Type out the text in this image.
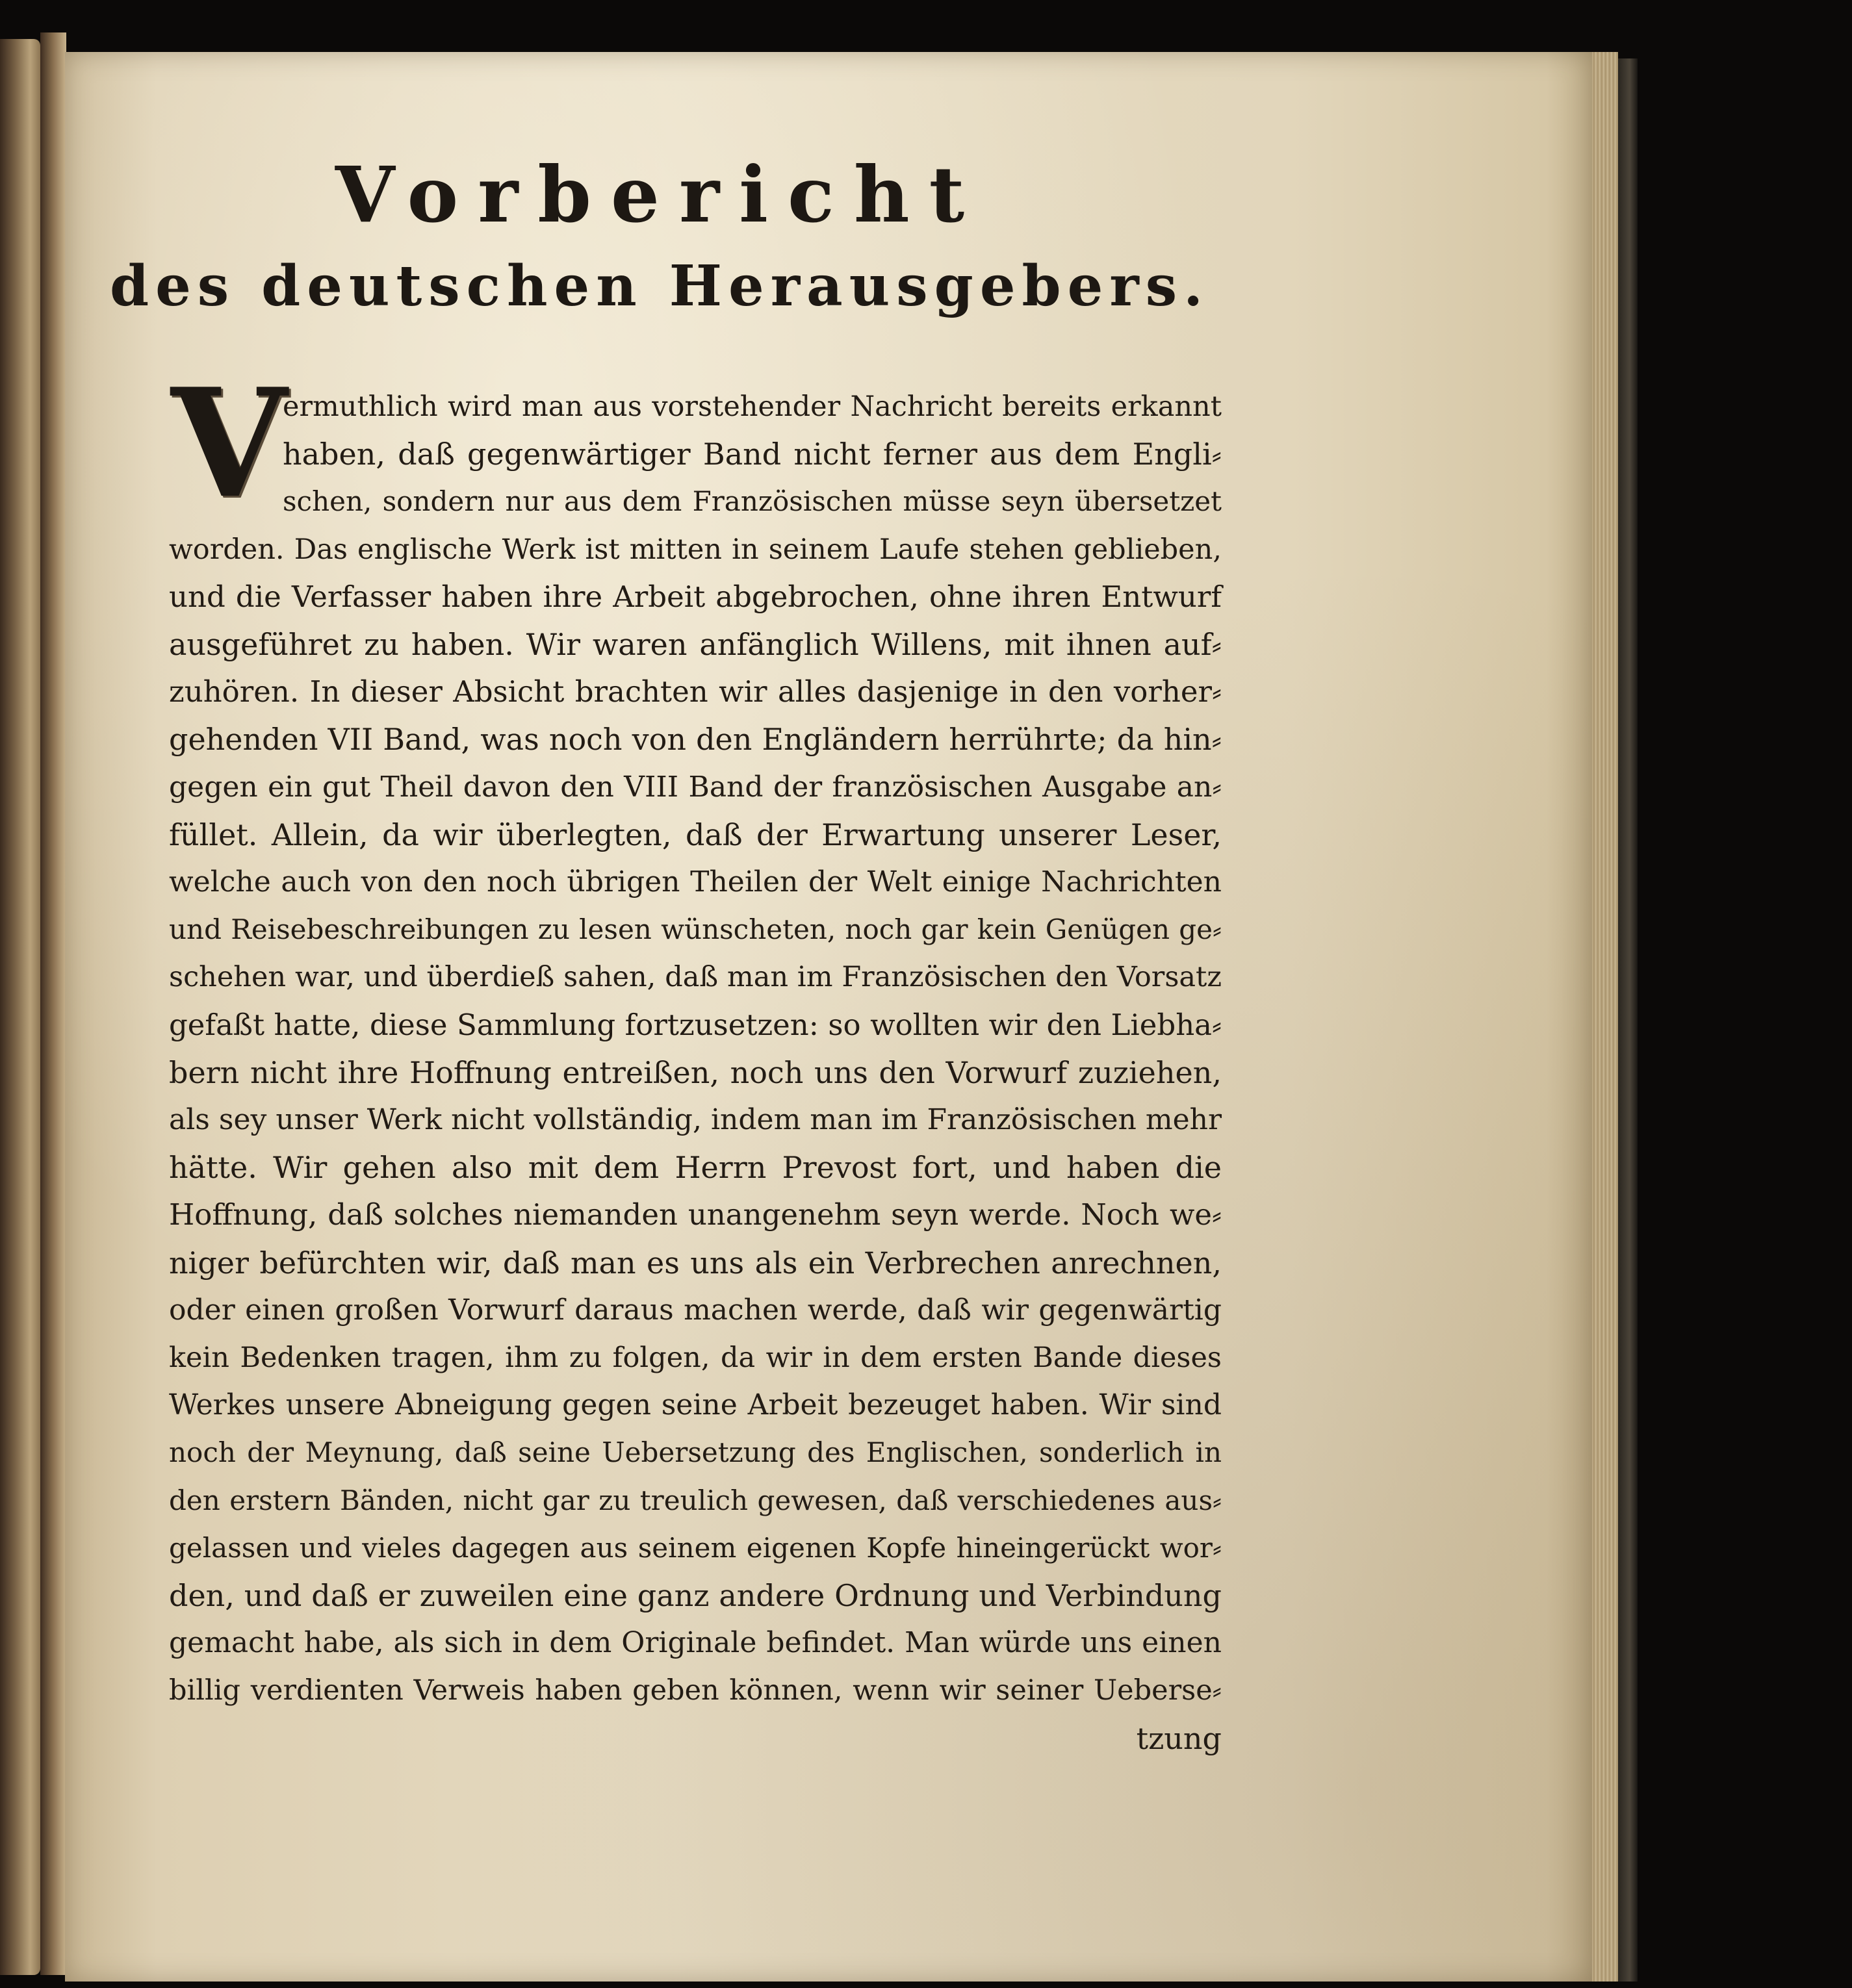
Vorbericht
des deutschen Herausgebers.
V
ermuthlich wird man aus vorstehender Nachricht bereits erkannt
haben, daß gegenwärtiger Band nicht ferner aus dem Engli⸗
schen, sondern nur aus dem Französischen müsse seyn übersetzet
worden. Das englische Werk ist mitten in seinem Laufe stehen geblieben,
und die Verfasser haben ihre Arbeit abgebrochen, ohne ihren Entwurf
ausgeführet zu haben. Wir waren anfänglich Willens, mit ihnen auf⸗
zuhören. In dieser Absicht brachten wir alles dasjenige in den vorher⸗
gehenden VII Band, was noch von den Engländern herrührte; da hin⸗
gegen ein gut Theil davon den VIII Band der französischen Ausgabe an⸗
füllet. Allein, da wir überlegten, daß der Erwartung unserer Leser,
welche auch von den noch übrigen Theilen der Welt einige Nachrichten
und Reisebeschreibungen zu lesen wünscheten, noch gar kein Genügen ge⸗
schehen war, und überdieß sahen, daß man im Französischen den Vorsatz
gefaßt hatte, diese Sammlung fortzusetzen: so wollten wir den Liebha⸗
bern nicht ihre Hoffnung entreißen, noch uns den Vorwurf zuziehen,
als sey unser Werk nicht vollständig, indem man im Französischen mehr
hätte. Wir gehen also mit dem Herrn Prevost fort, und haben die
Hoffnung, daß solches niemanden unangenehm seyn werde. Noch we⸗
niger befürchten wir, daß man es uns als ein Verbrechen anrechnen,
oder einen großen Vorwurf daraus machen werde, daß wir gegenwärtig
kein Bedenken tragen, ihm zu folgen, da wir in dem ersten Bande dieses
Werkes unsere Abneigung gegen seine Arbeit bezeuget haben. Wir sind
noch der Meynung, daß seine Uebersetzung des Englischen, sonderlich in
den erstern Bänden, nicht gar zu treulich gewesen, daß verschiedenes aus⸗
gelassen und vieles dagegen aus seinem eigenen Kopfe hineingerückt wor⸗
den, und daß er zuweilen eine ganz andere Ordnung und Verbindung
gemacht habe, als sich in dem Originale befindet. Man würde uns einen
billig verdienten Verweis haben geben können, wenn wir seiner Uebersе⸗
tzung
